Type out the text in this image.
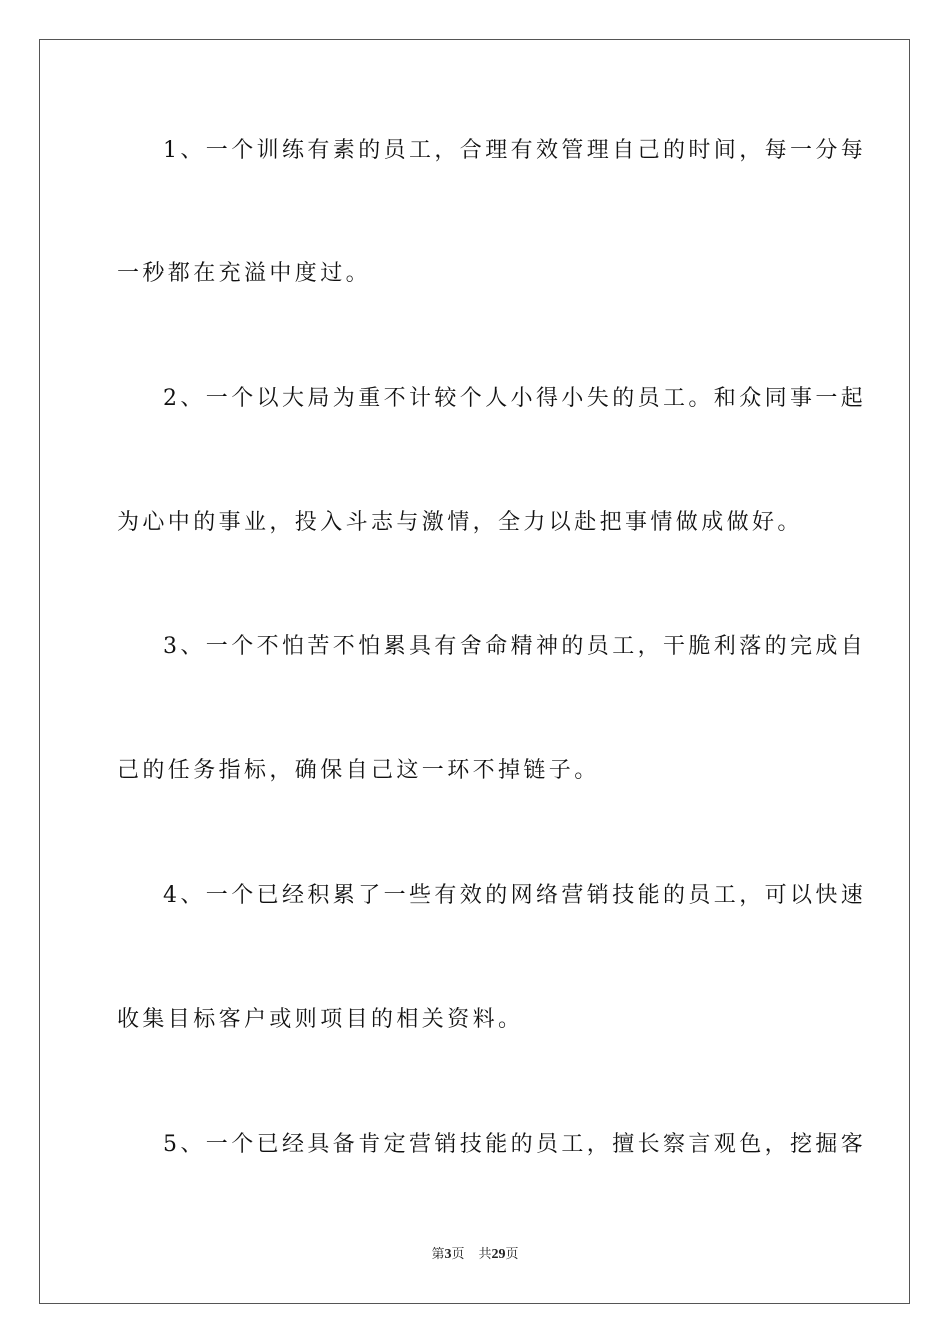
1、一个训练有素的员工，合理有效管理自己的时间，每一分每
一秒都在充溢中度过。
2、一个以大局为重不计较个人小得小失的员工。和众同事一起
为心中的事业，投入斗志与激情，全力以赴把事情做成做好。
3、一个不怕苦不怕累具有舍命精神的员工，干脆利落的完成自
己的任务指标，确保自己这一环不掉链子。
4、一个已经积累了一些有效的网络营销技能的员工，可以快速
收集目标客户或则项目的相关资料。
5、一个已经具备肯定营销技能的员工，擅长察言观色，挖掘客
第3页 共29页
